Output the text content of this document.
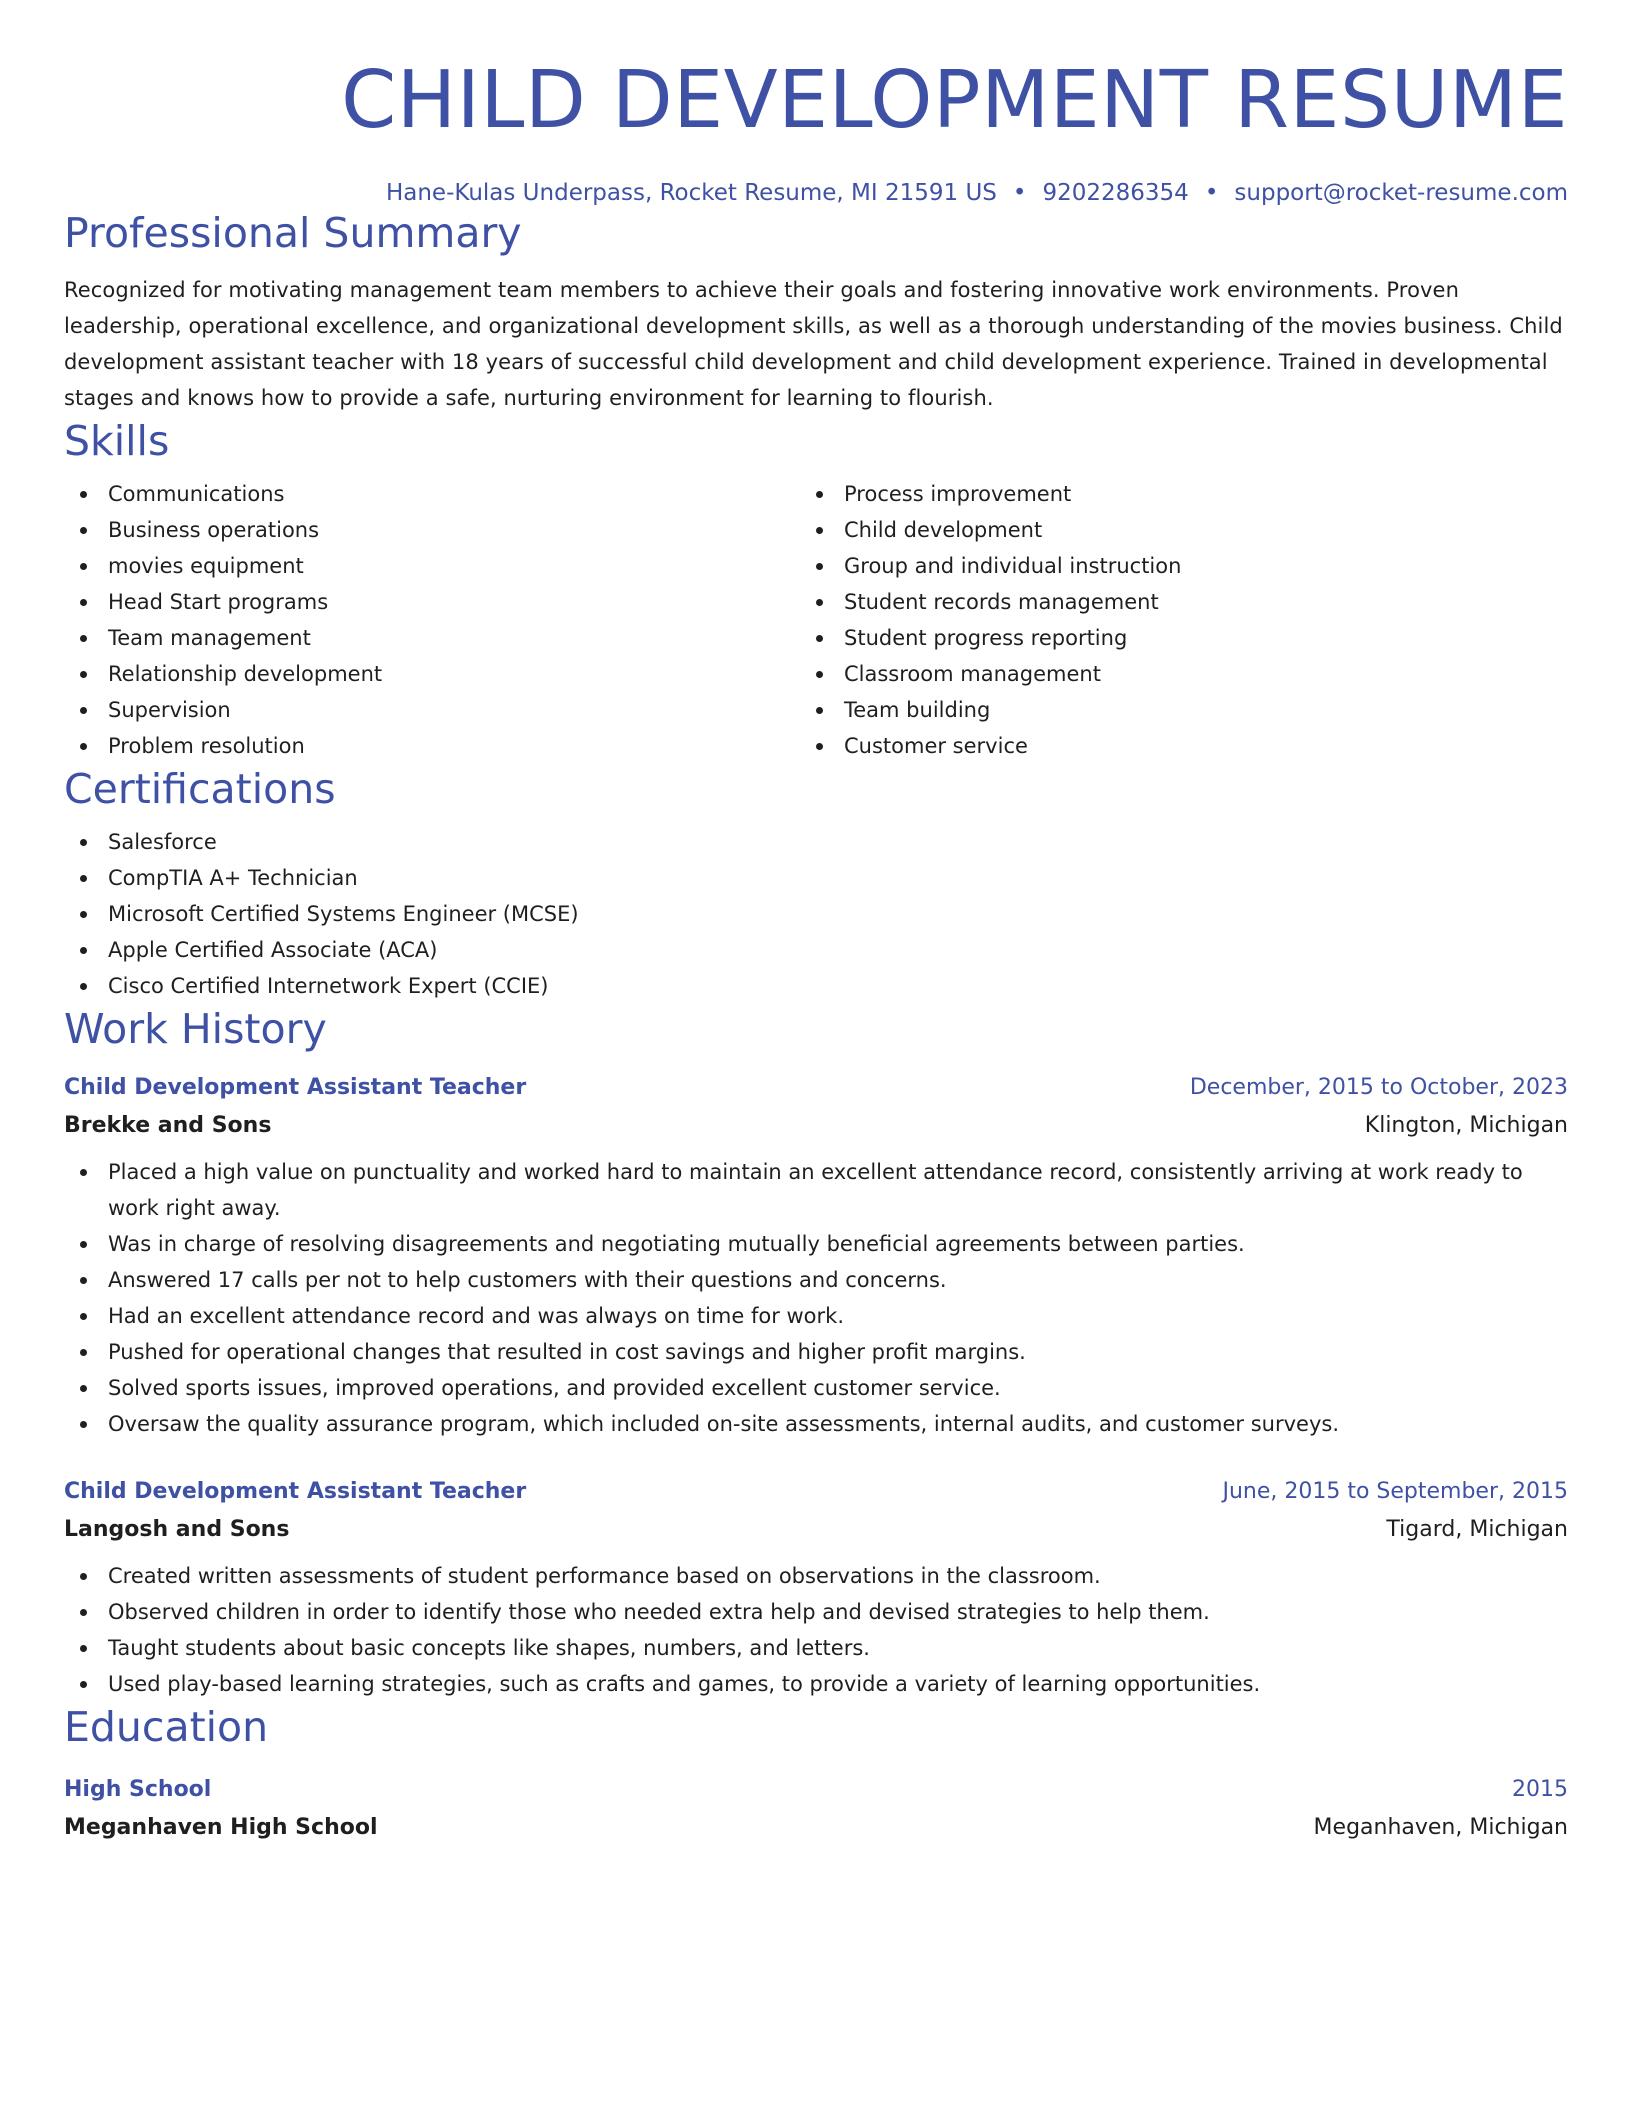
CHILD DEVELOPMENT RESUME
Hane-Kulas Underpass, Rocket Resume, MI 21591 US • 9202286354 • support@rocket-resume.com
Professional Summary
Recognized for motivating management team members to achieve their goals and fostering innovative work environments. Proven leadership, operational excellence, and organizational development skills, as well as a thorough understanding of the movies business. Child development assistant teacher with 18 years of successful child development and child development experience. Trained in developmental stages and knows how to provide a safe, nurturing environment for learning to flourish.
Skills
Communications
Business operations
movies equipment
Head Start programs
Team management
Relationship development
Supervision
Problem resolution
Process improvement
Child development
Group and individual instruction
Student records management
Student progress reporting
Classroom management
Team building
Customer service
Certifications
Salesforce
CompTIA A+ Technician
Microsoft Certified Systems Engineer (MCSE)
Apple Certified Associate (ACA)
Cisco Certified Internetwork Expert (CCIE)
Work History
Child Development Assistant Teacher	December, 2015 to October, 2023
Brekke and Sons	Klington, Michigan
Placed a high value on punctuality and worked hard to maintain an excellent attendance record, consistently arriving at work ready to work right away.
Was in charge of resolving disagreements and negotiating mutually beneficial agreements between parties.
Answered 17 calls per not to help customers with their questions and concerns.
Had an excellent attendance record and was always on time for work.
Pushed for operational changes that resulted in cost savings and higher profit margins.
Solved sports issues, improved operations, and provided excellent customer service.
Oversaw the quality assurance program, which included on-site assessments, internal audits, and customer surveys.
Child Development Assistant Teacher	June, 2015 to September, 2015
Langosh and Sons	Tigard, Michigan
Created written assessments of student performance based on observations in the classroom.
Observed children in order to identify those who needed extra help and devised strategies to help them.
Taught students about basic concepts like shapes, numbers, and letters.
Used play-based learning strategies, such as crafts and games, to provide a variety of learning opportunities.
Education
High School	2015
Meganhaven High School	Meganhaven, Michigan
